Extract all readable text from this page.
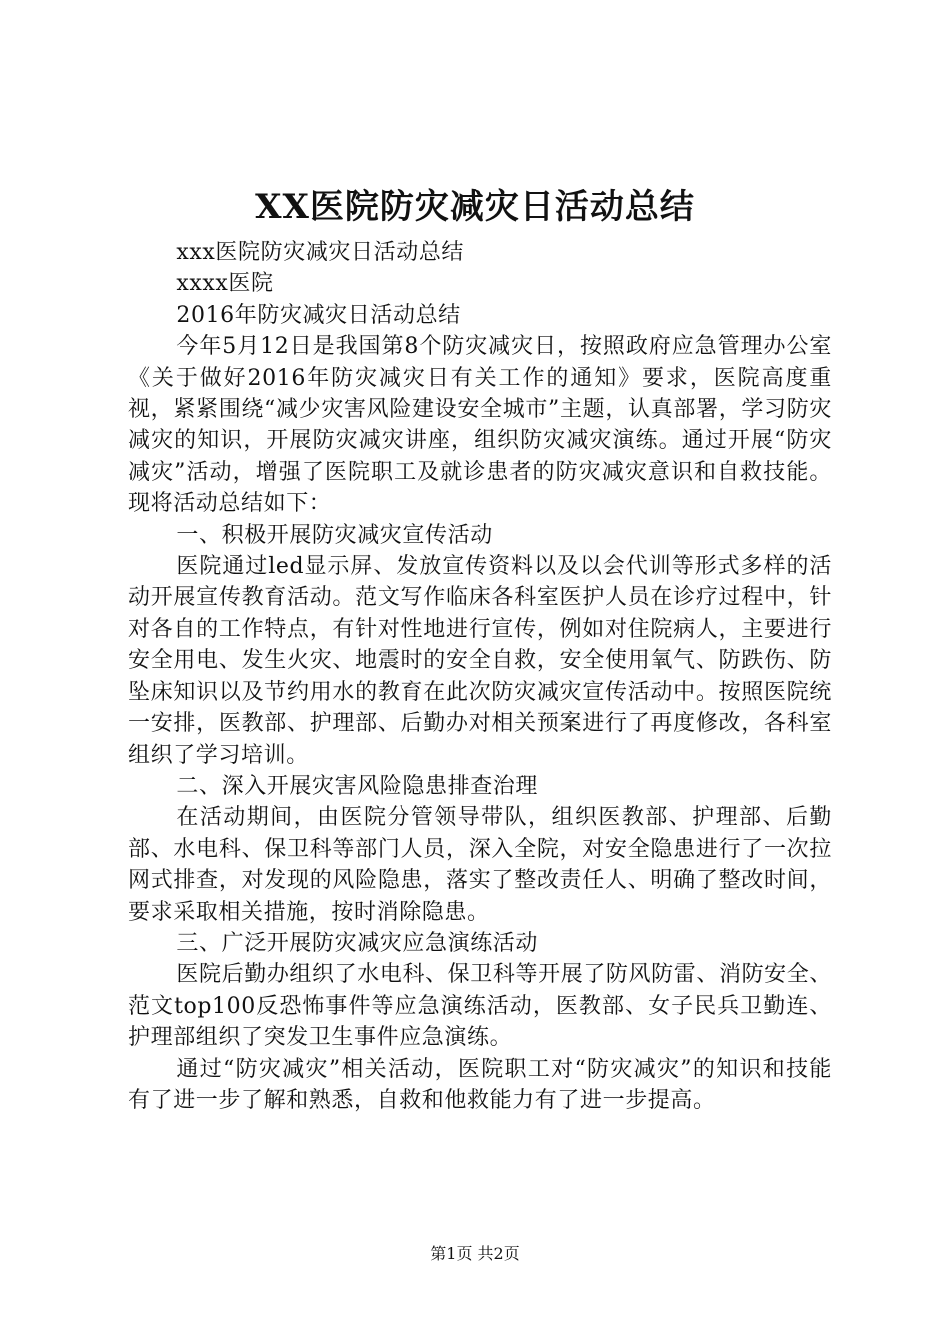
XX医院防灾减灾日活动总结

xxx医院防灾减灾日活动总结

xxxx医院

2016年防灾减灾日活动总结

今年5月12日是我国第8个防灾减灾日，按照政府应急管理办公室《关于做好2016年防灾减灾日有关工作的通知》要求，医院高度重视，紧紧围绕“减少灾害风险建设安全城市”主题，认真部署，学习防灾减灾的知识，开展防灾减灾讲座，组织防灾减灾演练。通过开展“防灾减灾”活动，增强了医院职工及就诊患者的防灾减灾意识和自救技能。现将活动总结如下：

一、积极开展防灾减灾宣传活动

医院通过led显示屏、发放宣传资料以及以会代训等形式多样的活动开展宣传教育活动。范文写作临床各科室医护人员在诊疗过程中，针对各自的工作特点，有针对性地进行宣传，例如对住院病人，主要进行安全用电、发生火灾、地震时的安全自救，安全使用氧气、防跌伤、防坠床知识以及节约用水的教育在此次防灾减灾宣传活动中。按照医院统一安排，医教部、护理部、后勤办对相关预案进行了再度修改，各科室组织了学习培训。

二、深入开展灾害风险隐患排查治理

在活动期间，由医院分管领导带队，组织医教部、护理部、后勤部、水电科、保卫科等部门人员，深入全院，对安全隐患进行了一次拉网式排查，对发现的风险隐患，落实了整改责任人、明确了整改时间，要求采取相关措施，按时消除隐患。

三、广泛开展防灾减灾应急演练活动

医院后勤办组织了水电科、保卫科等开展了防风防雷、消防安全、范文top100反恐怖事件等应急演练活动，医教部、女子民兵卫勤连、护理部组织了突发卫生事件应急演练。

通过“防灾减灾”相关活动，医院职工对“防灾减灾”的知识和技能有了进一步了解和熟悉，自救和他救能力有了进一步提高。

第1页 共2页
